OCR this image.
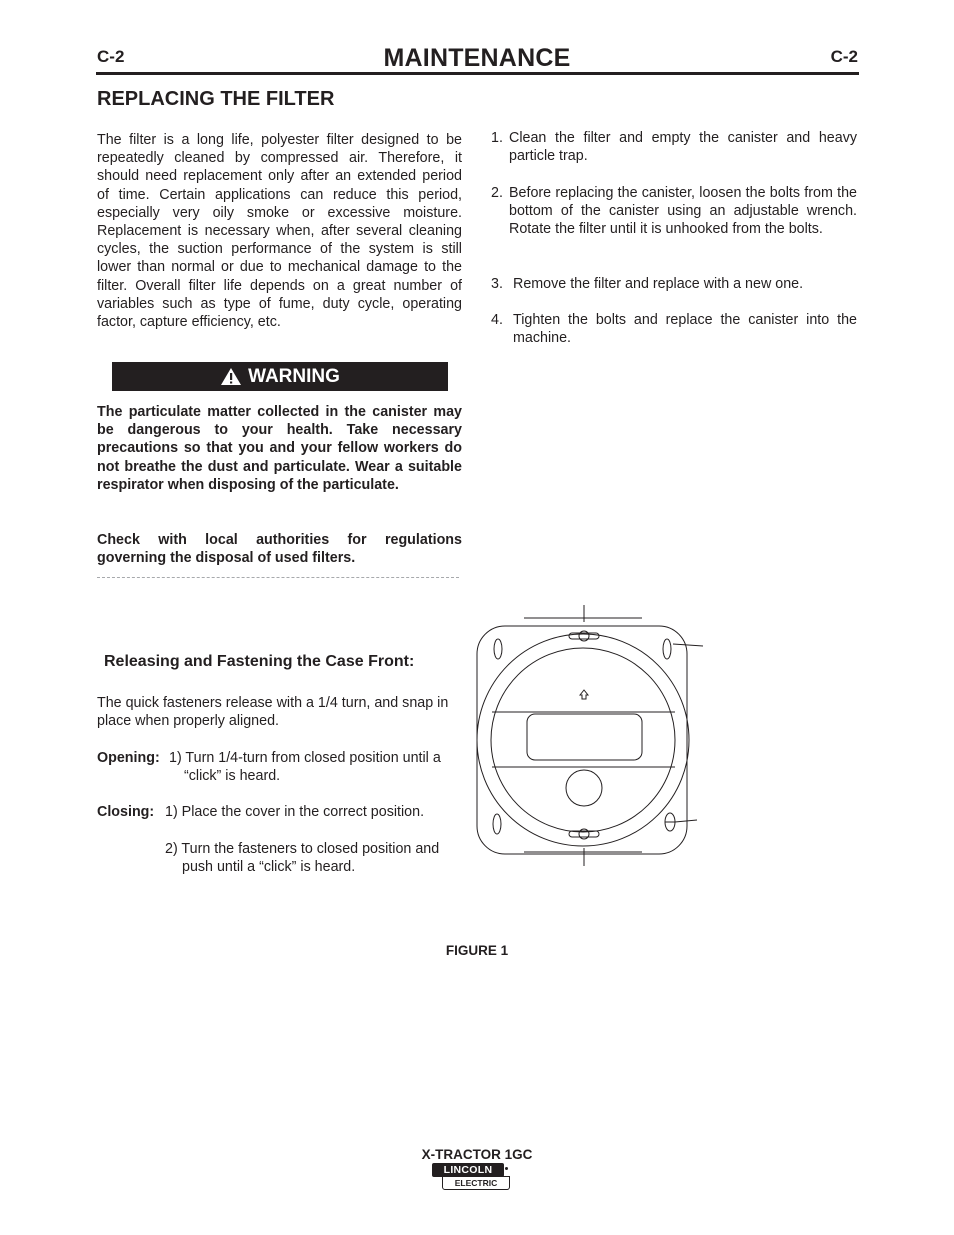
C-2	MAINTENANCE	C-2
REPLACING THE FILTER
The filter is a long life, polyester filter designed to be repeatedly cleaned by compressed air. Therefore, it should need replacement only after an extended period of time. Certain applications can reduce this period, especially very oily smoke or excessive moisture. Replacement is necessary when, after several cleaning cycles, the suction performance of the system is still lower than normal or due to mechanical damage to the filter. Overall filter life depends on a great number of variables such as type of fume, duty cycle, operating factor, capture efficiency, etc.
1. Clean the filter and empty the canister and heavy particle trap.
2. Before replacing the canister, loosen the bolts from the bottom of the canister using an adjustable wrench. Rotate the filter until it is unhooked from the bolts.
3. Remove the filter and replace with a new one.
4. Tighten the bolts and replace the canister into the machine.
WARNING
The particulate matter collected in the canister may be dangerous to your health. Take necessary precautions so that you and your fellow workers do not breathe the dust and particulate. Wear a suitable respirator when disposing of the particulate.
Check with local authorities for regulations governing the disposal of used filters.
Releasing and Fastening the Case Front:
The quick fasteners release with a 1/4 turn, and snap in place when properly aligned.
Opening: 1) Turn 1/4-turn from closed position until a
“click” is heard.
Closing: 1) Place the cover in the correct position.
2) Turn the fasteners to closed position and
push until a “click” is heard.
FIGURE 1
X-TRACTOR 1GC
LINCOLN
ELECTRIC
